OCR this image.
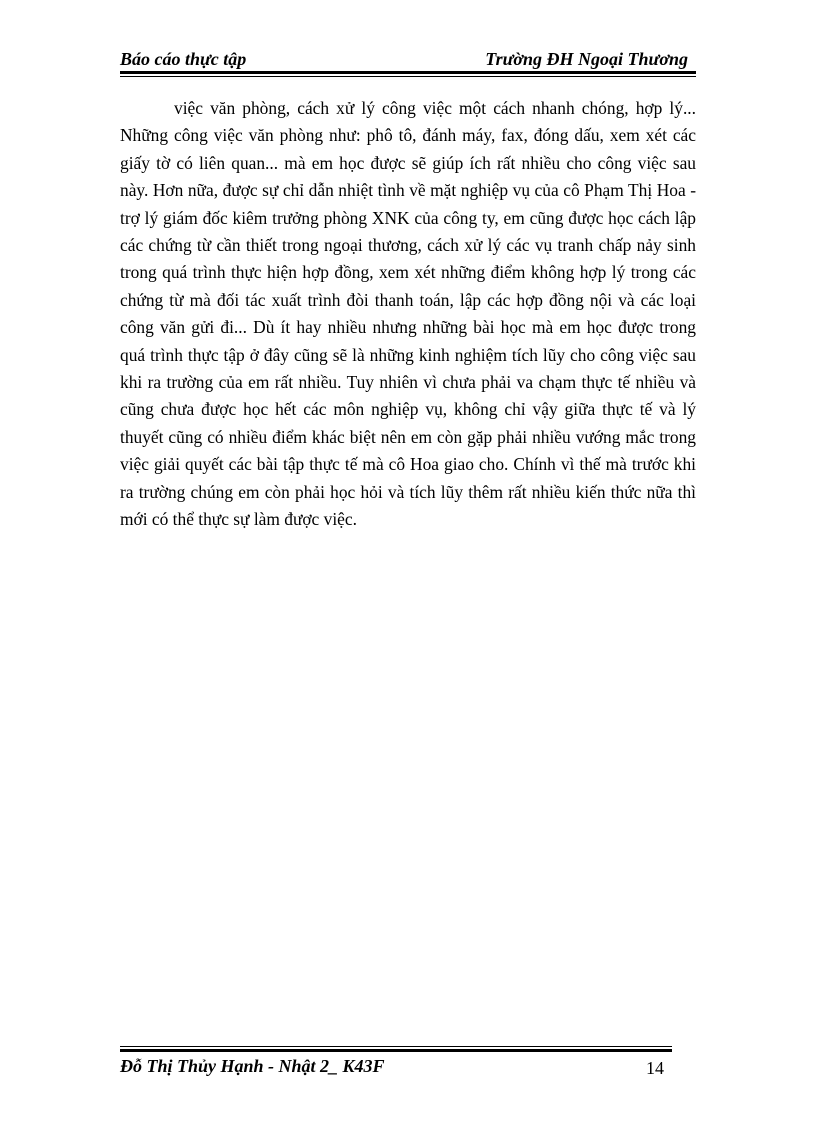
Báo cáo thực tập	Trường ĐH Ngoại Thương

việc văn phòng, cách xử lý công việc một cách nhanh chóng, hợp lý... Những công việc văn phòng như: phô tô, đánh máy, fax, đóng dấu, xem xét các giấy tờ có liên quan... mà em học được sẽ giúp ích rất nhiều cho công việc sau này. Hơn nữa, được sự chỉ dẫn nhiệt tình về mặt nghiệp vụ của cô Phạm Thị Hoa - trợ lý giám đốc kiêm trưởng phòng XNK của công ty, em cũng được học cách lập các chứng từ cần thiết trong ngoại thương, cách xử lý các vụ tranh chấp nảy sinh trong quá trình thực hiện hợp đồng, xem xét những điểm không hợp lý trong các chứng từ mà đối tác xuất trình đòi thanh toán, lập các hợp đồng nội và các loại công văn gửi đi... Dù ít hay nhiều nhưng những bài học mà em học được trong quá trình thực tập ở đây cũng sẽ là những kinh nghiệm tích lũy cho công việc sau khi ra trường của em rất nhiều. Tuy nhiên vì chưa phải va chạm thực tế nhiều và cũng chưa được học hết các môn nghiệp vụ, không chỉ vậy giữa thực tế và lý thuyết cũng có nhiều điểm khác biệt nên em còn gặp phải nhiều vướng mắc trong việc giải quyết các bài tập thực tế mà cô Hoa giao cho. Chính vì thế mà trước khi ra trường chúng em còn phải học hỏi và tích lũy thêm rất nhiều kiến thức nữa thì mới có thể thực sự làm được việc.

Đỗ Thị Thủy Hạnh - Nhật 2_ K43F	14
